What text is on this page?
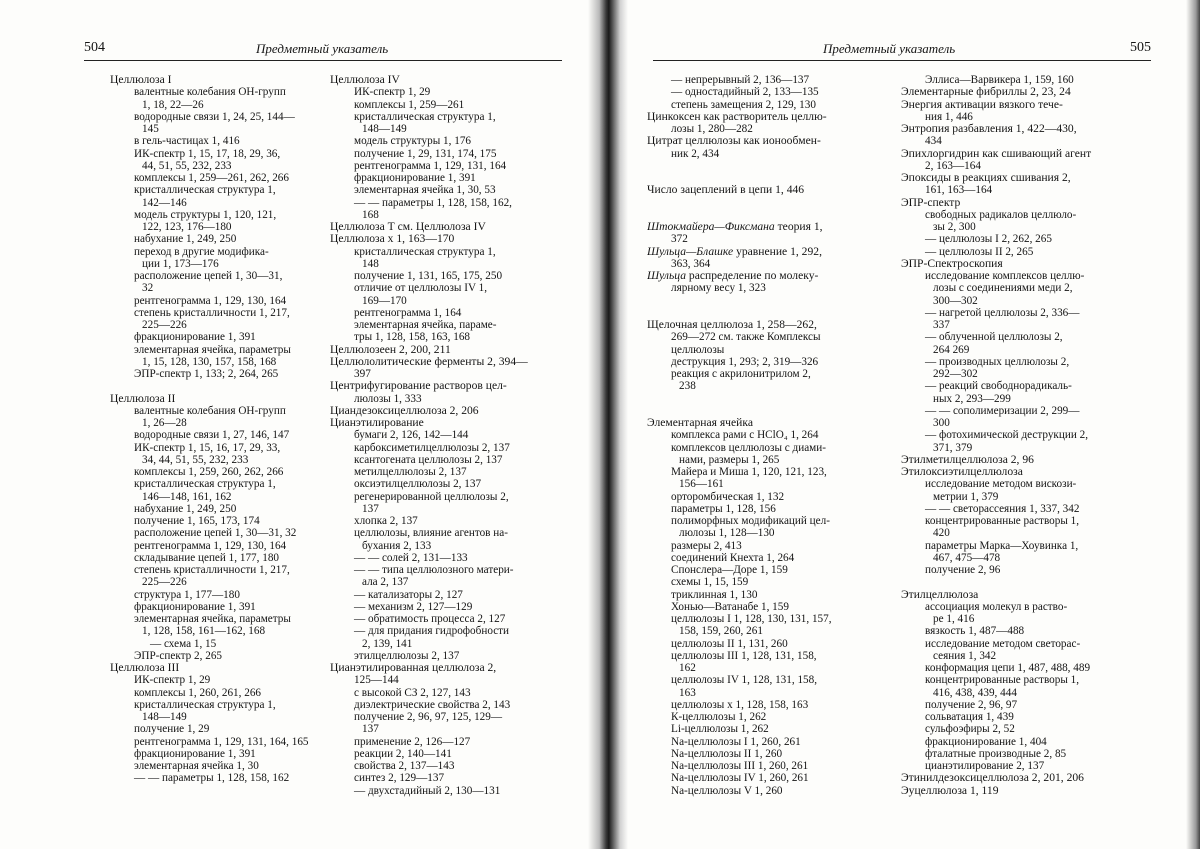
504	Предметный указатель
Целлюлоза I
валентные колебания ОН-групп
1, 18, 22—26
водородные связи 1, 24, 25, 144—
145
в гель-частицах 1, 416
ИК-спектр 1, 15, 17, 18, 29, 36,
44, 51, 55, 232, 233
комплексы 1, 259—261, 262, 266
кристаллическая структура 1,
142—146
модель структуры 1, 120, 121,
122, 123, 176—180
набухание 1, 249, 250
переход в другие модифика-
ции 1, 173—176
расположение цепей 1, 30—31,
32
рентгенограмма 1, 129, 130, 164
степень кристалличности 1, 217,
225—226
фракционирование 1, 391
элементарная ячейка, параметры
1, 15, 128, 130, 157, 158, 168
ЭПР-спектр 1, 133; 2, 264, 265
Целлюлоза II
валентные колебания ОН-групп
1, 26—28
водородные связи 1, 27, 146, 147
ИК-спектр 1, 15, 16, 17, 29, 33,
34, 44, 51, 55, 232, 233
комплексы 1, 259, 260, 262, 266
кристаллическая структура 1,
146—148, 161, 162
набухание 1, 249, 250
получение 1, 165, 173, 174
расположение цепей 1, 30—31, 32
рентгенограмма 1, 129, 130, 164
складывание цепей 1, 177, 180
степень кристалличности 1, 217,
225—226
структура 1, 177—180
фракционирование 1, 391
элементарная ячейка, параметры
1, 128, 158, 161—162, 168
— схема 1, 15
ЭПР-спектр 2, 265
Целлюлоза III
ИК-спектр 1, 29
комплексы 1, 260, 261, 266
кристаллическая структура 1,
148—149
получение 1, 29
рентгенограмма 1, 129, 131, 164, 165
фракционирование 1, 391
элементарная ячейка 1, 30
— — параметры 1, 128, 158, 162
Целлюлоза IV
ИК-спектр 1, 29
комплексы 1, 259—261
кристаллическая структура 1,
148—149
модель структуры 1, 176
получение 1, 29, 131, 174, 175
рентгенограмма 1, 129, 131, 164
фракционирование 1, 391
элементарная ячейка 1, 30, 53
— — параметры 1, 128, 158, 162,
168
Целлюлоза Т см. Целлюлоза IV
Целлюлоза х 1, 163—170
кристаллическая структура 1,
148
получение 1, 131, 165, 175, 250
отличие от целлюлозы IV 1,
169—170
рентгенограмма 1, 164
элементарная ячейка, парамe-
тры 1, 128, 158, 163, 168
Целлюлозеен 2, 200, 211
Целлюлолитические ферменты 2, 394—
397
Центрифугирование растворов цел-
люлозы 1, 333
Циандезоксицеллюлоза 2, 206
Цианэтилирование
бумаги 2, 126, 142—144
карбоксиметилцеллюлозы 2, 137
ксантогената целлюлозы 2, 137
метилцеллюлозы 2, 137
оксиэтилцеллюлозы 2, 137
регенерированной целлюлозы 2,
137
хлопка 2, 137
целлюлозы, влияние агентов на-
бухания 2, 133
— — солей 2, 131—133
— — типа целлюлозного матери-
ала 2, 137
— катализаторы 2, 127
— механизм 2, 127—129
— обратимость процесса 2, 127
— для придания гидрофобности
2, 139, 141
этилцеллюлозы 2, 137
Цианэтилированная целлюлоза 2,
125—144
с высокой СЗ 2, 127, 143
диэлектрические свойства 2, 143
получение 2, 96, 97, 125, 129—
137
применение 2, 126—127
реакции 2, 140—141
свойства 2, 137—143
синтез 2, 129—137
— двухстадийный 2, 130—131
Предметный указатель	505
— непрерывный 2, 136—137
— одностадийный 2, 133—135
степень замещения 2, 129, 130
Цинкоксен как растворитель целлю-
лозы 1, 280—282
Цитрат целлюлозы как ионообмен-
ник 2, 434
Число зацеплений в цепи 1, 446
Штокмайера—Фиксмана теория 1,
372
Шульца—Блашке уравнение 1, 292,
363, 364
Шульца распределение по молеку-
лярному весу 1, 323
Щелочная целлюлоза 1, 258—262,
269—272 см. также Комплексы
целлюлозы
деструкция 1, 293; 2, 319—326
реакция с акрилонитрилом 2,
238
Элементарная ячейка
комплекса рами с HClO₄ 1, 264
комплексов целлюлозы с диами-
нами, размеры 1, 265
Майера и Миша 1, 120, 121, 123,
156—161
орторомбическая 1, 132
параметры 1, 128, 156
полиморфных модификаций цел-
люлозы 1, 128—130
размеры 2, 413
соединений Кнехта 1, 264
Спонслера—Доре 1, 159
схемы 1, 15, 159
триклинная 1, 130
Хонью—Ватанабе 1, 159
целлюлозы I 1, 128, 130, 131, 157,
158, 159, 260, 261
целлюлозы II 1, 131, 260
целлюлозы III 1, 128, 131, 158,
162
целлюлозы IV 1, 128, 131, 158,
163
целлюлозы х 1, 128, 158, 163
К-целлюлозы 1, 262
Li-целлюлозы 1, 262
Na-целлюлозы I 1, 260, 261
Na-целлюлозы II 1, 260
Na-целлюлозы III 1, 260, 261
Na-целлюлозы IV 1, 260, 261
Na-целлюлозы V 1, 260
Эллиса—Варвикера 1, 159, 160
Элементарные фибриллы 2, 23, 24
Энергия активации вязкого тече-
ния 1, 446
Энтропия разбавления 1, 422—430,
434
Эпихлоргидрин как сшивающий агент
2, 163—164
Эпоксиды в реакциях сшивания 2,
161, 163—164
ЭПР-спектр
свободных радикалов целлюло-
зы 2, 300
— целлюлозы I 2, 262, 265
— целлюлозы II 2, 265
ЭПР-Спектроскопия
исследование комплексов целлю-
лозы с соединениями меди 2,
300—302
— нагретой целлюлозы 2, 336—
337
— облученной целлюлозы 2,
264 269
— производных целлюлозы 2,
292—302
— реакций свободнорадикаль-
ных 2, 293—299
— — сополимеризации 2, 299—
300
— фотохимической деструкции 2,
371, 379
Этилметилцеллюлоза 2, 96
Этилоксиэтилцеллюлоза
исследование методом вискози-
метрии 1, 379
— — светорассеяния 1, 337, 342
концентрированные растворы 1,
420
параметры Марка—Хоувинка 1,
467, 475—478
получение 2, 96
Этилцеллюлоза
ассоциация молекул в раство-
ре 1, 416
вязкость 1, 487—488
исследование методом светорас-
сеяния 1, 342
конформация цепи 1, 487, 488, 489
концентрированные растворы 1,
416, 438, 439, 444
получение 2, 96, 97
сольватация 1, 439
сульфоэфиры 2, 52
фракционирование 1, 404
фталатные производные 2, 85
цианэтилирование 2, 137
Этинилдезоксицеллюлоза 2, 201, 206
Эуцеллюлоза 1, 119
